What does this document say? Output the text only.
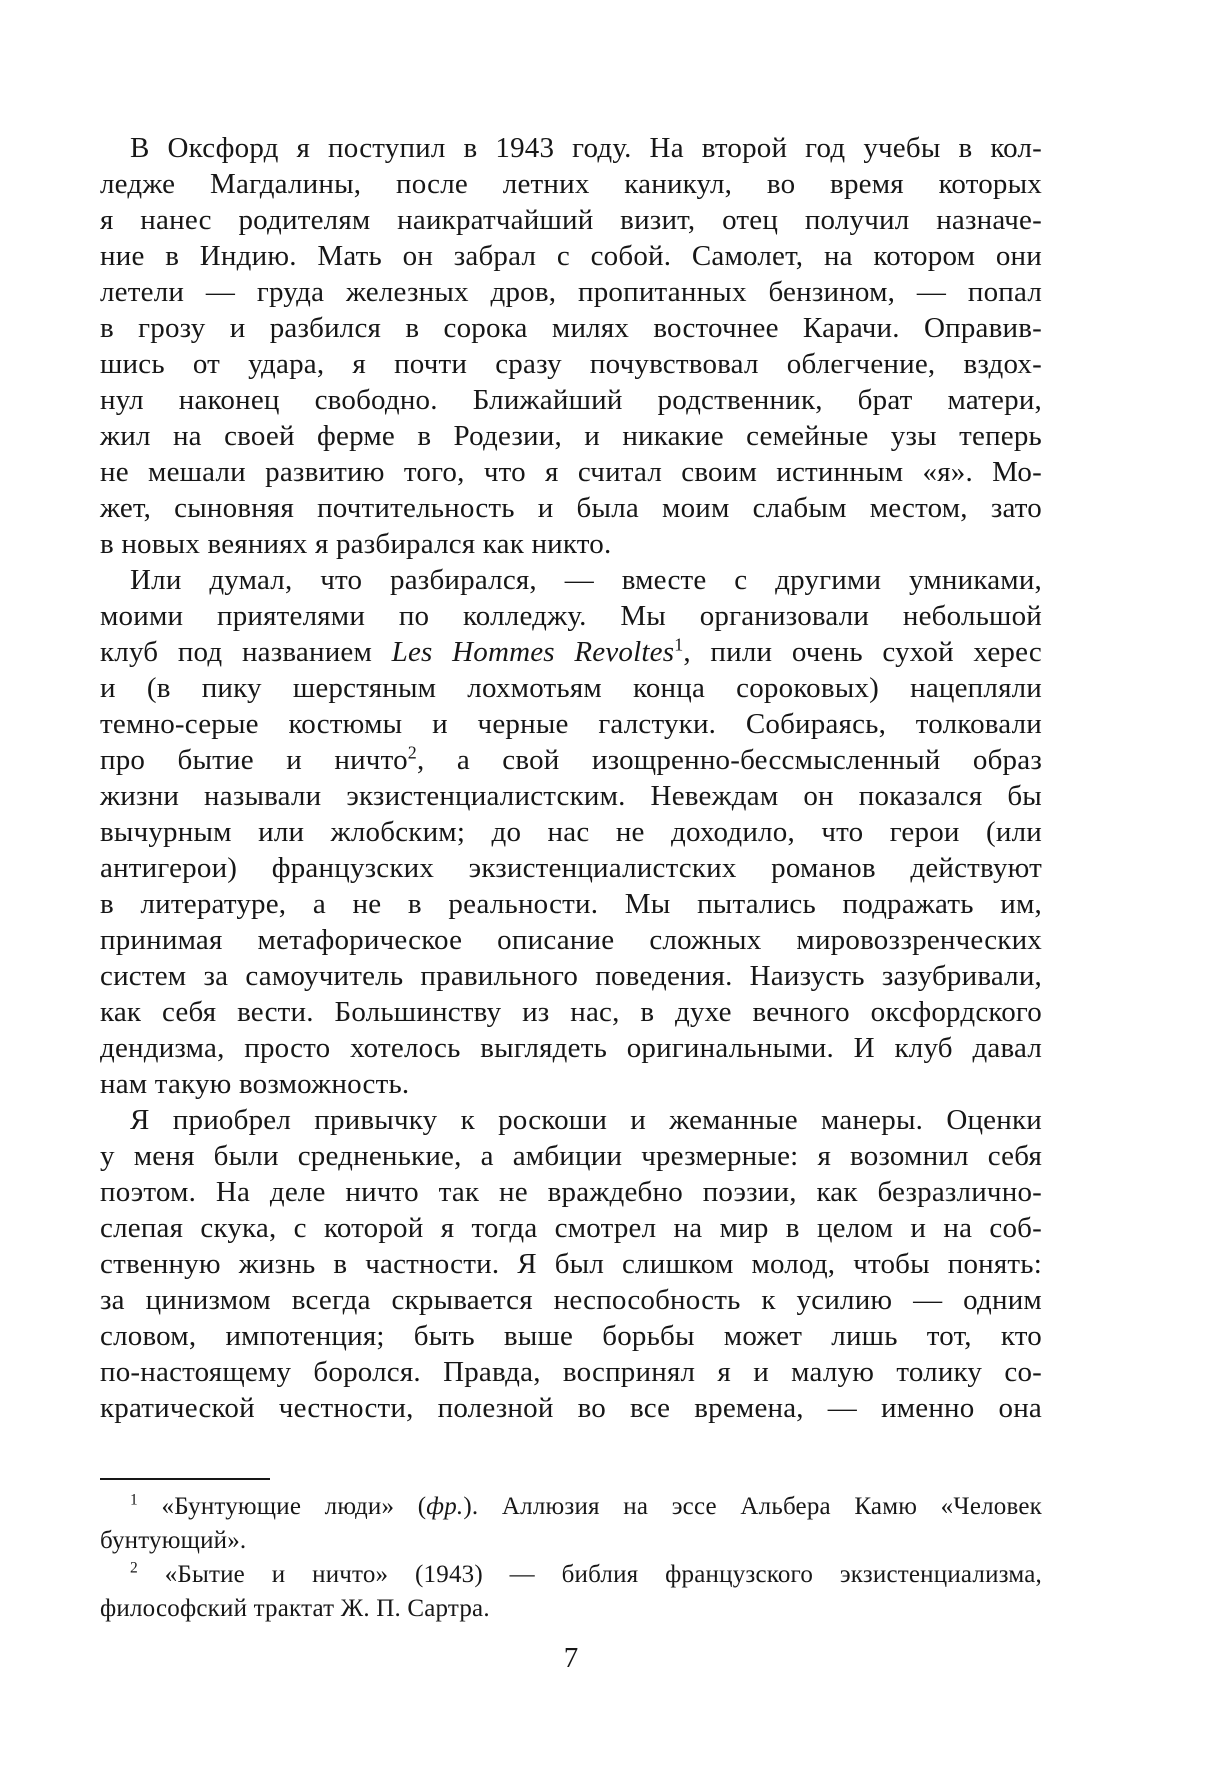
В Оксфорд я поступил в 1943 году. На второй год учебы в кол-
ледже Магдалины, после летних каникул, во время которых
я нанес родителям наикратчайший визит, отец получил назначе-
ние в Индию. Мать он забрал с собой. Самолет, на котором они
летели — груда железных дров, пропитанных бензином, — попал
в грозу и разбился в сорока милях восточнее Карачи. Оправив-
шись от удара, я почти сразу почувствовал облегчение, вздох-
нул наконец свободно. Ближайший родственник, брат матери,
жил на своей ферме в Родезии, и никакие семейные узы теперь
не мешали развитию того, что я считал своим истинным «я». Мо-
жет, сыновняя почтительность и была моим слабым местом, зато
в новых веяниях я разбирался как никто.
Или думал, что разбирался, — вместе с другими умниками,
моими приятелями по колледжу. Мы организовали небольшой
клуб под названием Les Hommes Revoltes$^1$, пили очень сухой херес
и (в пику шерстяным лохмотьям конца сороковых) нацепляли
темно-серые костюмы и черные галстуки. Собираясь, толковали
про бытие и ничто$^2$, а свой изощренно-бессмысленный образ
жизни называли экзистенциалистским. Невеждам он показался бы
вычурным или жлобским; до нас не доходило, что герои (или
антигерои) французских экзистенциалистских романов действуют
в литературе, а не в реальности. Мы пытались подражать им,
принимая метафорическое описание сложных мировоззренческих
систем за самоучитель правильного поведения. Наизусть зазубривали,
как себя вести. Большинству из нас, в духе вечного оксфордского
дендизма, просто хотелось выглядеть оригинальными. И клуб давал
нам такую возможность.
Я приобрел привычку к роскоши и жеманные манеры. Оценки
у меня были средненькие, а амбиции чрезмерные: я возомнил себя
поэтом. На деле ничто так не враждебно поэзии, как безразлично-
слепая скука, с которой я тогда смотрел на мир в целом и на соб-
ственную жизнь в частности. Я был слишком молод, чтобы понять:
за цинизмом всегда скрывается неспособность к усилию — одним
словом, импотенция; быть выше борьбы может лишь тот, кто
по-настоящему боролся. Правда, воспринял я и малую толику со-
кратической честности, полезной во все времена, — именно она
$^1$ «Бунтующие люди» (фр.). Аллюзия на эссе Альбера Камю «Человек
бунтующий».
$^2$ «Бытие и ничто» (1943) — библия французского экзистенциализма,
философский трактат Ж. П. Сартра.
7
